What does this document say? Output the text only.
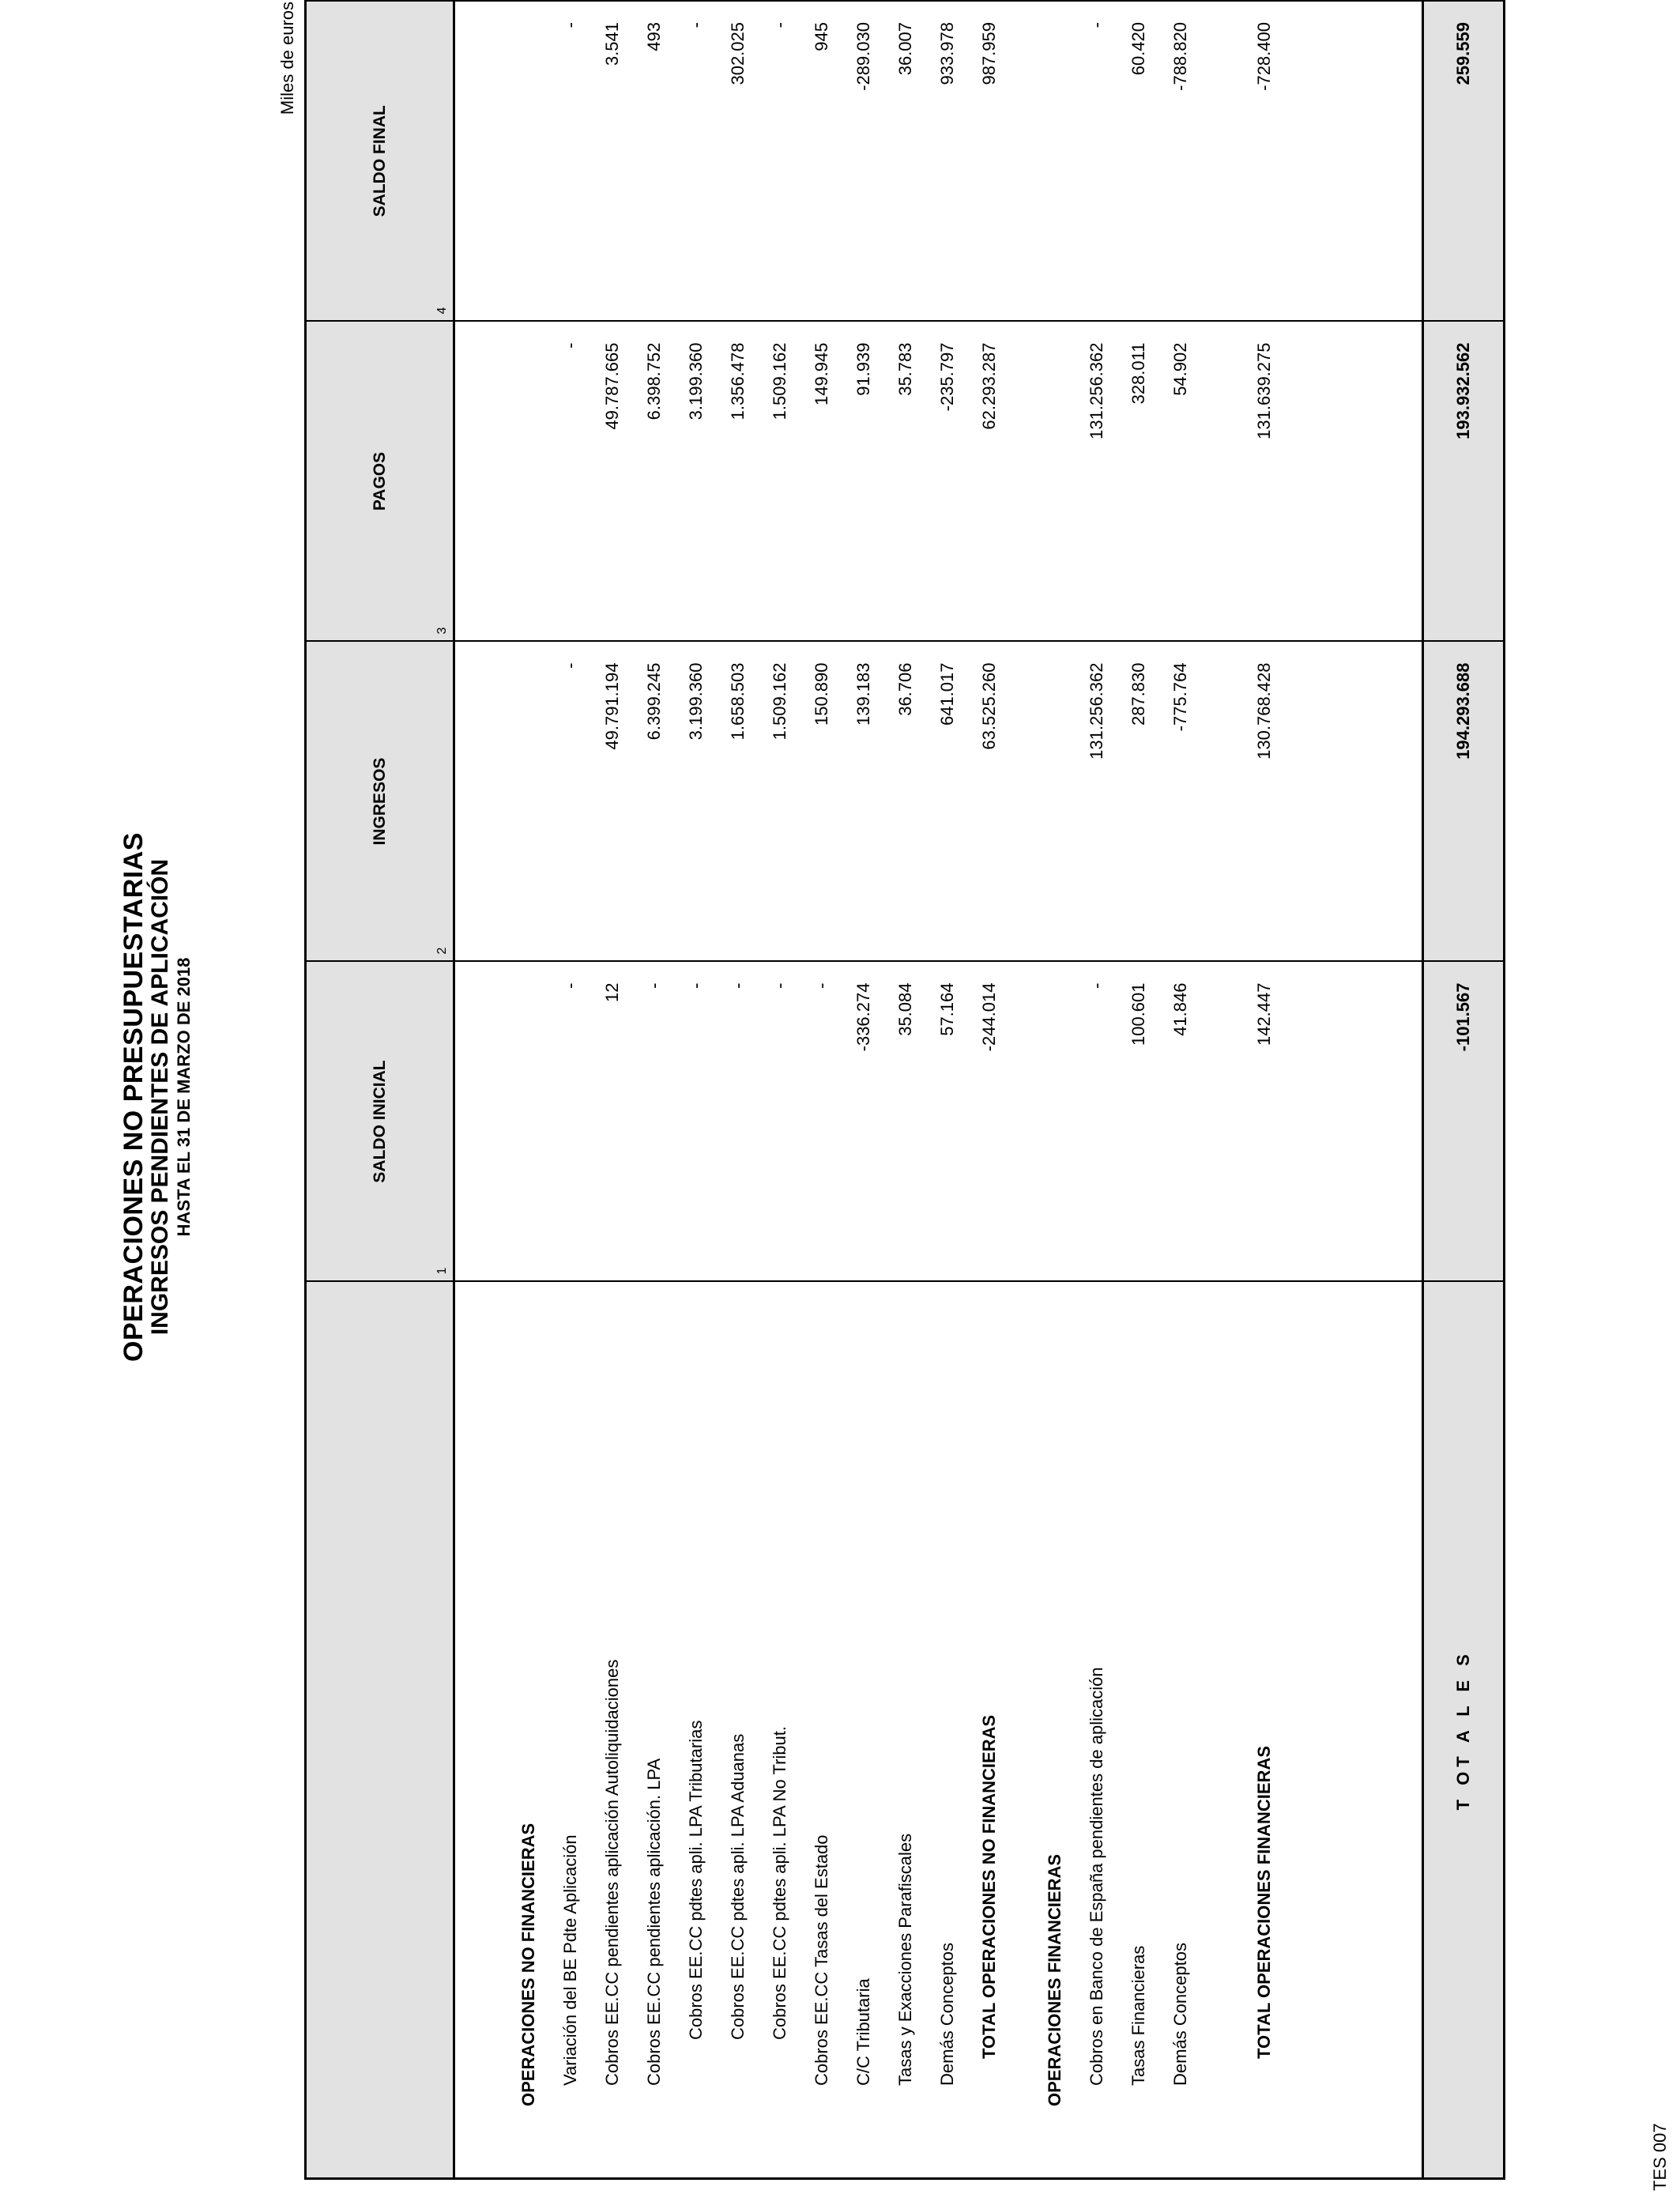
OPERACIONES NO PRESUPUESTARIAS
INGRESOS PENDIENTES DE APLICACIÓN HASTA EL 31 DE MARZO DE 2018
Miles de euros
	SALDO INICIAL
1	INGRESOS
2	PAGOS
3	SALDO FINAL
4

OPERACIONES NO FINANCIERAS				
Variación del BE Pdte Aplicación	-	-	-	-
Cobros EE.CC pendientes aplicación Autoliquidaciones	12	49.791.194	49.787.665	3.541
Cobros EE.CC pendientes aplicación. LPA	-	6.399.245	6.398.752	493
Cobros EE.CC pdtes apli. LPA Tributarias	-	3.199.360	3.199.360	-
Cobros EE.CC pdtes apli. LPA Aduanas	-	1.658.503	1.356.478	302.025
Cobros EE.CC pdtes apli. LPA No Tribut.	-	1.509.162	1.509.162	-
Cobros EE.CC Tasas del Estado	-	150.890	149.945	945
C/C Tributaria	-336.274	139.183	91.939	-289.030
Tasas y Exacciones Parafiscales	35.084	36.706	35.783	36.007
Demás Conceptos	57.164	641.017	-235.797	933.978
TOTAL OPERACIONES NO FINANCIERAS	-244.014	63.525.260	62.293.287	987.959

OPERACIONES FINANCIERAS				
Cobros en Banco de España pendientes de aplicación	-	131.256.362	131.256.362	-
Tasas Financieras	100.601	287.830	328.011	60.420
Demás Conceptos	41.846	-775.764	54.902	-788.820

TOTAL OPERACIONES FINANCIERAS	142.447	130.768.428	131.639.275	-728.400

T OT A L E S	-101.567	194.293.688	193.932.562	259.559
TES 007
